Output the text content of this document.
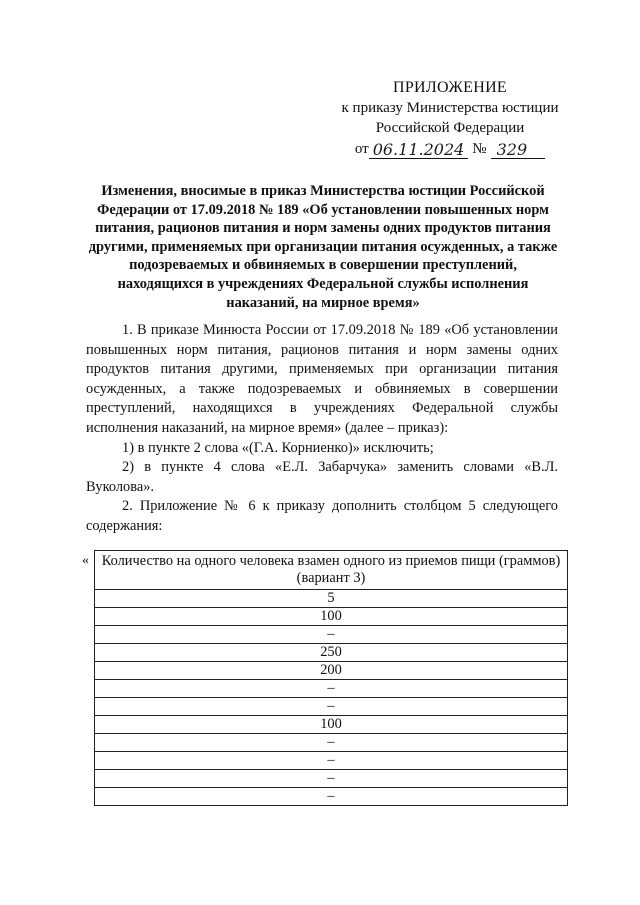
ПРИЛОЖЕНИЕ
к приказу Министерства юстиции
Российской Федерации
от 06.11.2024 № 329
Изменения, вносимые в приказ Министерства юстиции Российской Федерации от 17.09.2018 № 189 «Об установлении повышенных норм питания, рационов питания и норм замены одних продуктов питания другими, применяемых при организации питания осужденных, а также подозреваемых и обвиняемых в совершении преступлений, находящихся в учреждениях Федеральной службы исполнения наказаний, на мирное время»

1. В приказе Минюста России от 17.09.2018 № 189 «Об установлении повышенных норм питания, рационов питания и норм замены одних продуктов питания другими, применяемых при организации питания осужденных, а также подозреваемых и обвиняемых в совершении преступлений, находящихся в учреждениях Федеральной службы исполнения наказаний, на мирное время» (далее – приказ):

1) в пункте 2 слова «(Г.А. Корниенко)» исключить;

2) в пункте 4 слова «Е.Л. Забарчука» заменить словами «В.Л. Вуколова».

2. Приложение № 6 к приказу дополнить столбцом 5 следующего содержания:

« Количество на одного человека взамен одного из приемов пищи (граммов) (вариант 3)
5
100
–
250
200
–
–
100
–
–
–
–
